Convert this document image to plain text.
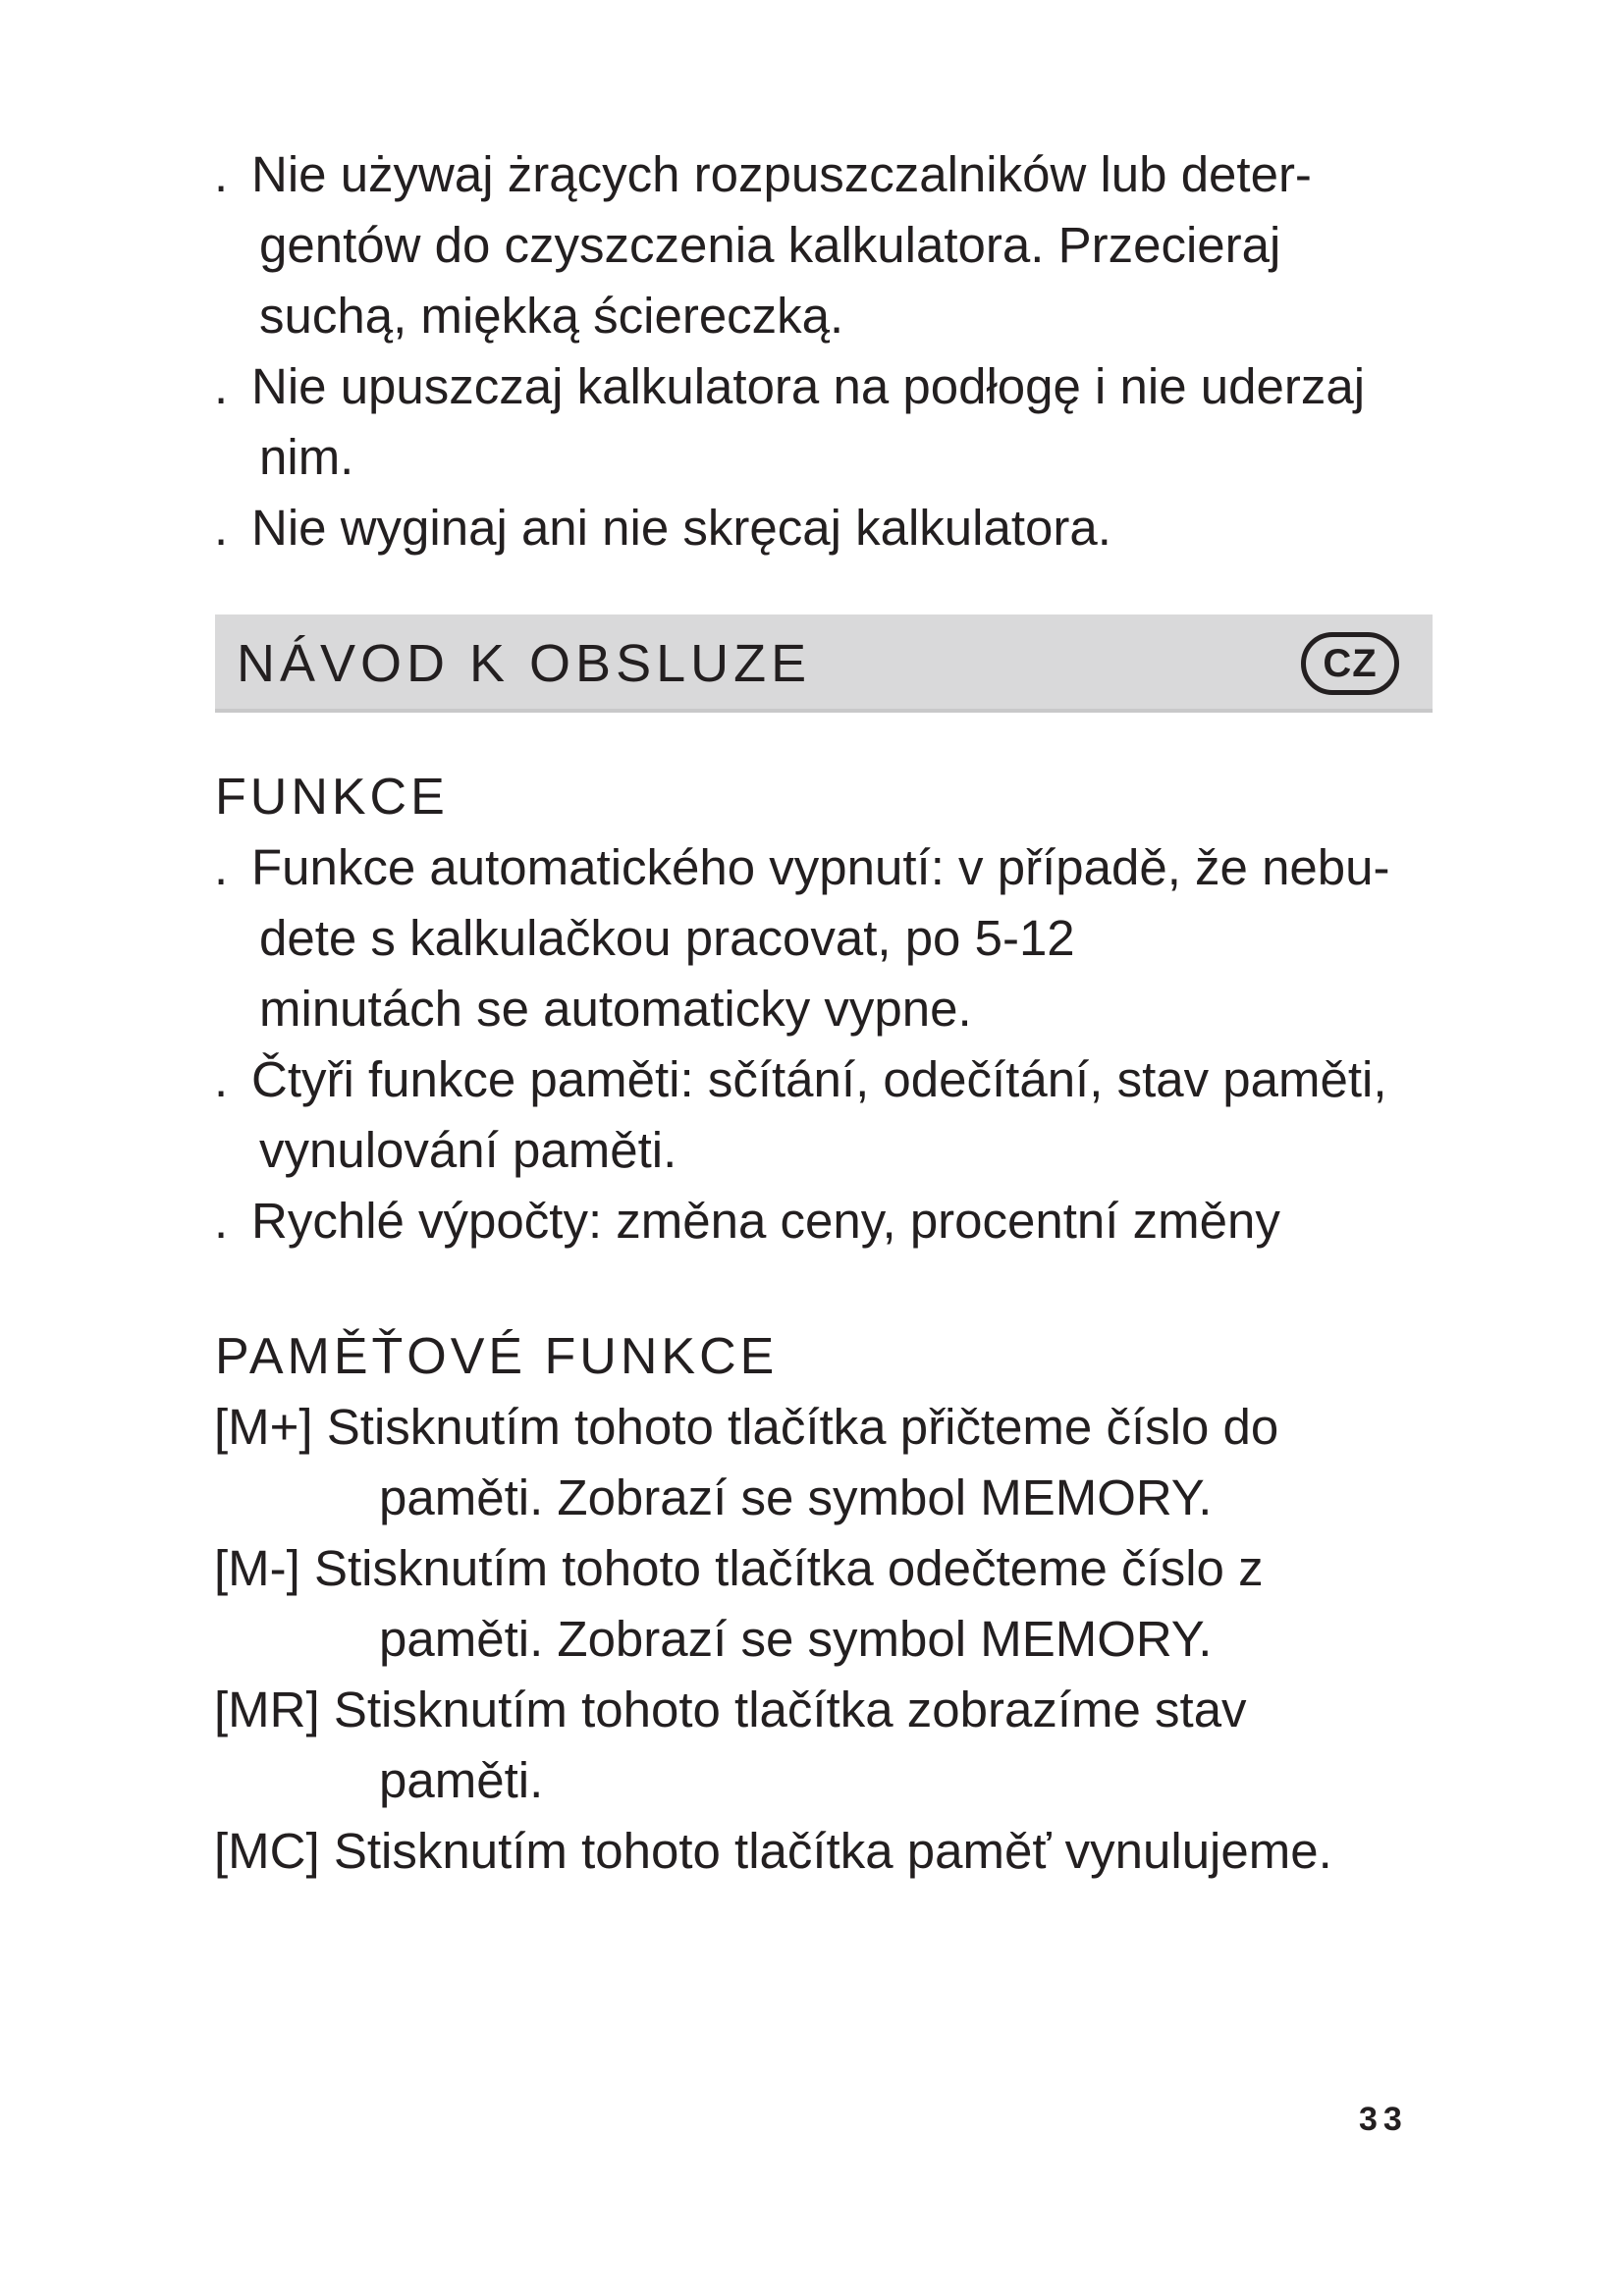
. Nie używaj żrących rozpuszczalników lub deter-
gentów do czyszczenia kalkulatora. Przecieraj
suchą, miękką ściereczką.
. Nie upuszczaj kalkulatora na podłogę i nie uderzaj
nim.
. Nie wyginaj ani nie skręcaj kalkulatora.
NÁVOD K OBSLUZE	CZ
FUNKCE
. Funkce automatického vypnutí: v případě, že nebu-
dete s kalkulačkou pracovat, po 5-12
minutách se automaticky vypne.
. Čtyři funkce paměti: sčítání, odečítání, stav paměti,
vynulování paměti.
. Rychlé výpočty: změna ceny, procentní změny
PAMĚŤOVÉ FUNKCE
[M+] Stisknutím tohoto tlačítka přičteme číslo do
paměti. Zobrazí se symbol MEMORY.
[M-] Stisknutím tohoto tlačítka odečteme číslo z
paměti. Zobrazí se symbol MEMORY.
[MR] Stisknutím tohoto tlačítka zobrazíme stav
paměti.
[MC] Stisknutím tohoto tlačítka paměť vynulujeme.
33
